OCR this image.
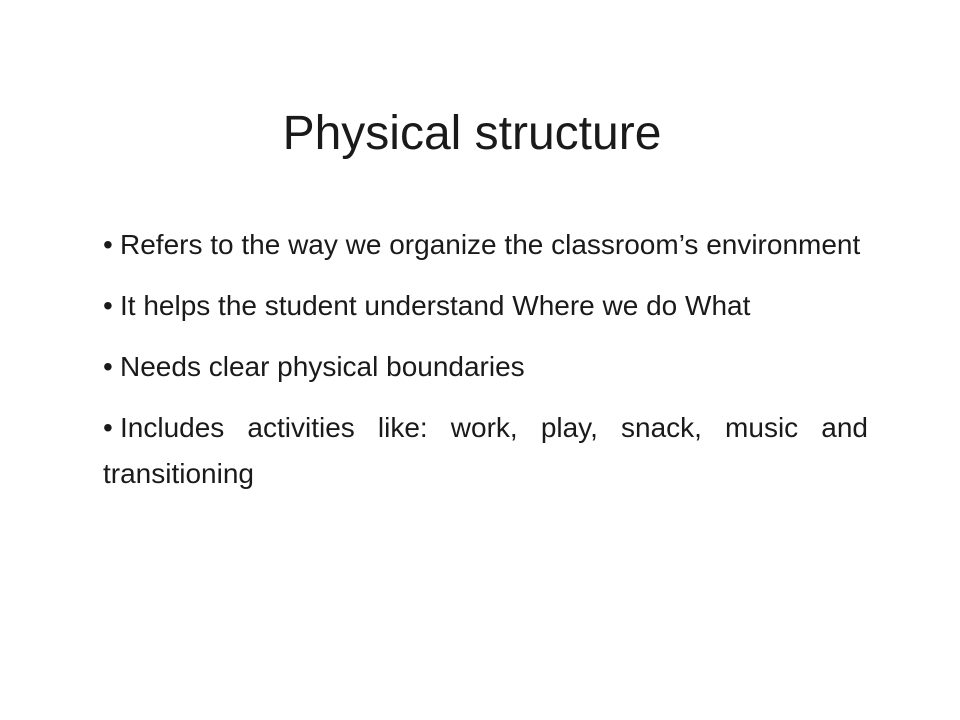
Physical structure
• Refers to the way we organize the classroom’s environment
• It helps the student understand Where we do What
• Needs clear physical boundaries
• Includes activities like: work, play, snack, music and transitioning
